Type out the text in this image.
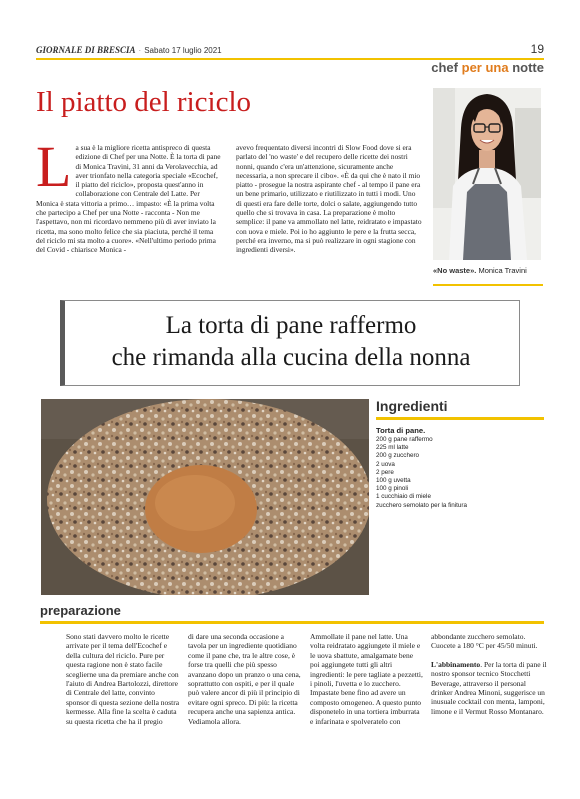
GIORNALE DI BRESCIA · Sabato 17 luglio 2021	19
chef per una notte
Il piatto del riciclo
La sua è la migliore ricetta antispreco di questa edizione di Chef per una Notte. È la torta di pane di Monica Travini, 31 anni da Verolavecchia, ad aver trionfato nella categoria speciale «Ecochef, il piatto del riciclo», proposta quest'anno in collaborazione con Centrale del Latte. Per Monica è stata vittoria a primo… impasto: «È la prima volta che partecipo a Chef per una Notte - racconta - Non me l'aspettavo, non mi ricordavo nemmeno più di aver inviato la ricetta, ma sono molto felice che sia piaciuta, perché il tema del riciclo mi sta molto a cuore». «Nell'ultimo periodo prima del Covid - chiarisce Monica -
avevo frequentato diversi incontri di Slow Food dove si era parlato del 'no waste' e del recupero delle ricette dei nostri nonni, quando c'era un'attenzione, sicuramente anche necessaria, a non sprecare il cibo». «È da qui che è nato il mio piatto - prosegue la nostra aspirante chef - al tempo il pane era un bene primario, utilizzato e riutilizzato in tutti i modi. Uno di questi era fare delle torte, dolci o salate, aggiungendo tutto quello che si trovava in casa. La preparazione è molto semplice: il pane va ammollato nel latte, reidratato e impastato con uova e miele. Poi io ho aggiunto le pere e la frutta secca, perché era inverno, ma si può realizzare in ogni stagione con ingredienti diversi».
«No waste». Monica Travini
La torta di pane raffermo
che rimanda alla cucina della nonna
Ingredienti
Torta di pane.
200 g pane raffermo
225 ml latte
200 g zucchero
2 uova
2 pere
100 g uvetta
100 g pinoli
1 cucchiaio di miele
zucchero semolato per la finitura
preparazione
Sono stati davvero molto le ricette arrivate per il tema dell'Ecochef e della cultura del riciclo. Pure per questa ragione non è stato facile sceglierne una da premiare anche con l'aiuto di Andrea Bartolozzi, direttore di Centrale del latte, convinto sponsor di questa sezione della nostra kermesse. Alla fine la scelta è caduta su questa ricetta che ha il pregio
di dare una seconda occasione a tavola per un ingrediente quotidiano come il pane che, tra le altre cose, è forse tra quelli che più spesso avanzano dopo un pranzo o una cena, soprattutto con ospiti, e per il quale può valere ancor di più il principio di evitare ogni spreco. Di più: la ricetta recupera anche una sapienza antica. Vediamola allora.
Ammollate il pane nel latte. Una volta reidratato aggiungete il miele e le uova sbattute, amalgamate bene poi aggiungete tutti gli altri ingredienti: le pere tagliate a pezzetti, i pinoli, l'uvetta e lo zucchero. Impastate bene fino ad avere un composto omogeneo. A questo punto disponetelo in una tortiera imburrata e infarinata e spolveratelo con
abbondante zucchero semolato. Cuocete a 180 °C per 45/50 minuti.
L'abbinamento. Per la torta di pane il nostro sponsor tecnico Stocchetti Beverage, attraverso il personal drinker Andrea Minoni, suggerisce un inusuale cocktail con menta, lamponi, limone e il Vermut Rosso Montanaro.
